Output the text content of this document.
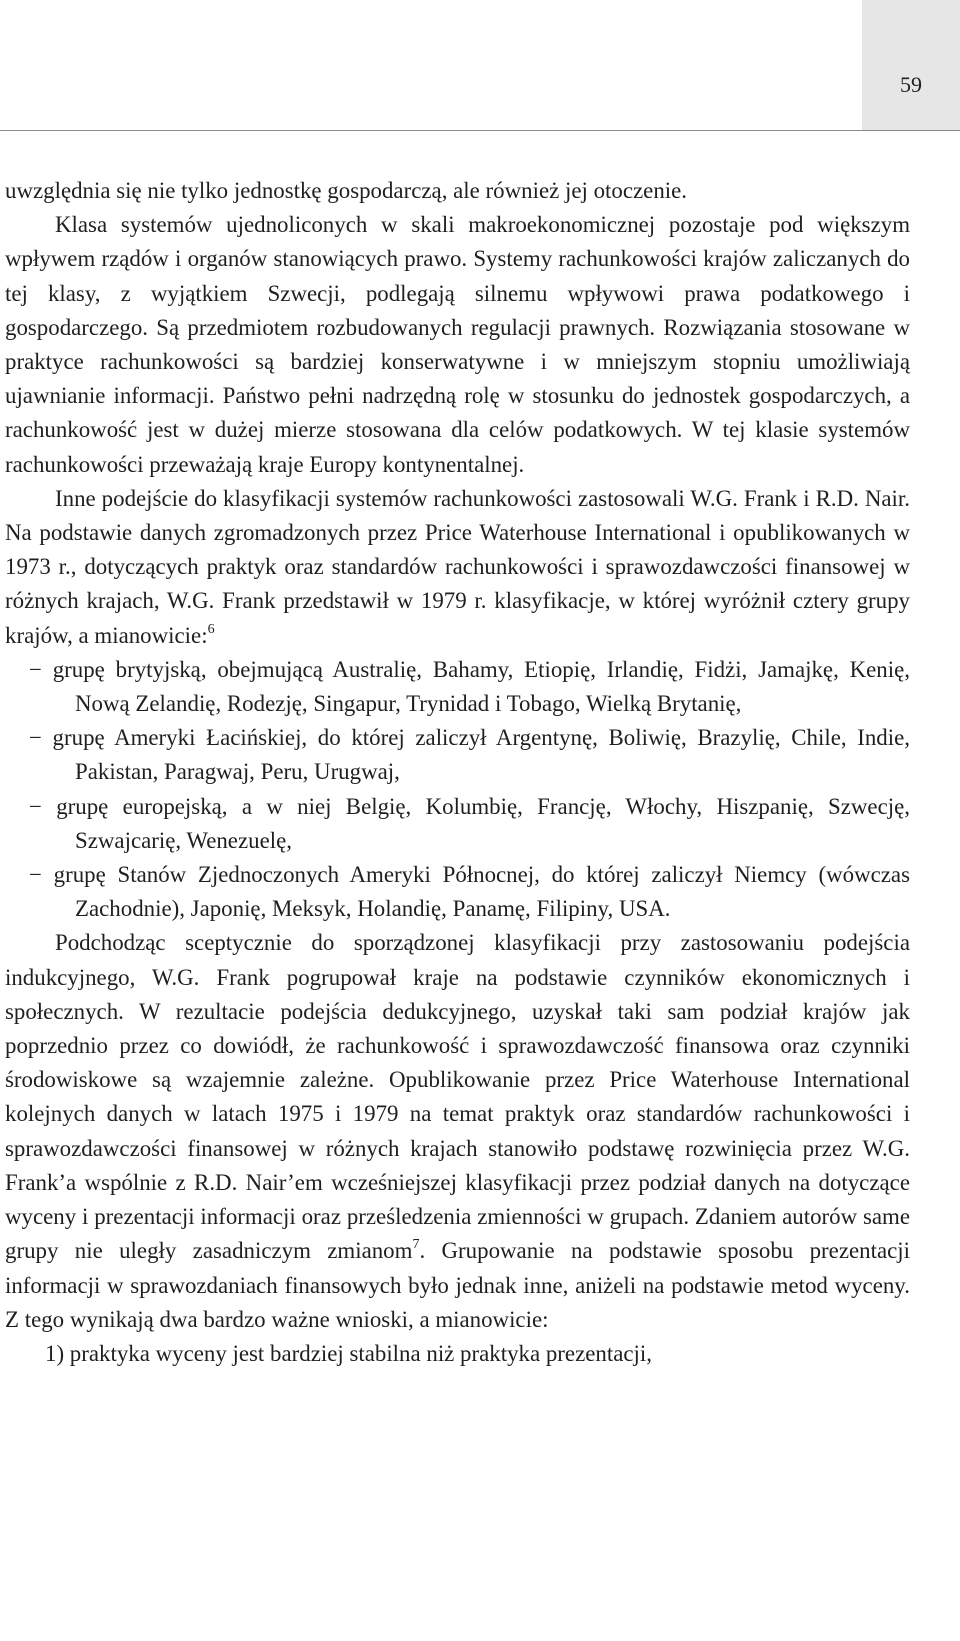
59

uwzględnia się nie tylko jednostkę gospodarczą, ale również jej otoczenie.

Klasa systemów ujednoliconych w skali makroekonomicznej pozostaje pod większym wpływem rządów i organów stanowiących prawo. Systemy rachunkowości krajów zaliczanych do tej klasy, z wyjątkiem Szwecji, podlegają silnemu wpływowi prawa podatkowego i gospodarczego. Są przedmiotem rozbudowanych regulacji prawnych. Rozwiązania stosowane w praktyce rachunkowości są bardziej konserwatywne i w mniejszym stopniu umożliwiają ujawnianie informacji. Państwo pełni nadrzędną rolę w stosunku do jednostek gospodarczych, a rachunkowość jest w dużej mierze stosowana dla celów podatkowych. W tej klasie systemów rachunkowości przeważają kraje Europy kontynentalnej.

Inne podejście do klasyfikacji systemów rachunkowości zastosowali W.G. Frank i R.D. Nair. Na podstawie danych zgromadzonych przez Price Waterhouse International i opublikowanych w 1973 r., dotyczących praktyk oraz standardów rachunkowości i sprawozdawczości finansowej w różnych krajach, W.G. Frank przedstawił w 1979 r. klasyfikacje, w której wyróżnił cztery grupy krajów, a mianowicie:$^6$

− grupę brytyjską, obejmującą Australię, Bahamy, Etiopię, Irlandię, Fidżi, Jamajkę, Kenię, Nową Zelandię, Rodezję, Singapur, Trynidad i Tobago, Wielką Brytanię,

− grupę Ameryki Łacińskiej, do której zaliczył Argentynę, Boliwię, Brazylię, Chile, Indie, Pakistan, Paragwaj, Peru, Urugwaj,

− grupę europejską, a w niej Belgię, Kolumbię, Francję, Włochy, Hiszpanię, Szwecję, Szwajcarię, Wenezuelę,

− grupę Stanów Zjednoczonych Ameryki Północnej, do której zaliczył Niemcy (wówczas Zachodnie), Japonię, Meksyk, Holandię, Panamę, Filipiny, USA.

Podchodząc sceptycznie do sporządzonej klasyfikacji przy zastosowaniu podejścia indukcyjnego, W.G. Frank pogrupował kraje na podstawie czynników ekonomicznych i społecznych. W rezultacie podejścia dedukcyjnego, uzyskał taki sam podział krajów jak poprzednio przez co dowiódł, że rachunkowość i sprawozdawczość finansowa oraz czynniki środowiskowe są wzajemnie zależne. Opublikowanie przez Price Waterhouse International kolejnych danych w latach 1975 i 1979 na temat praktyk oraz standardów rachunkowości i sprawozdawczości finansowej w różnych krajach stanowiło podstawę rozwinięcia przez W.G. Frank’a wspólnie z R.D. Nair’em wcześniejszej klasyfikacji przez podział danych na dotyczące wyceny i prezentacji informacji oraz prześledzenia zmienności w grupach. Zdaniem autorów same grupy nie uległy zasadniczym zmianom$^7$. Grupowanie na podstawie sposobu prezentacji informacji w sprawozdaniach finansowych było jednak inne, aniżeli na podstawie metod wyceny. Z tego wynikają dwa bardzo ważne wnioski, a mianowicie:

1) praktyka wyceny jest bardziej stabilna niż praktyka prezentacji,
